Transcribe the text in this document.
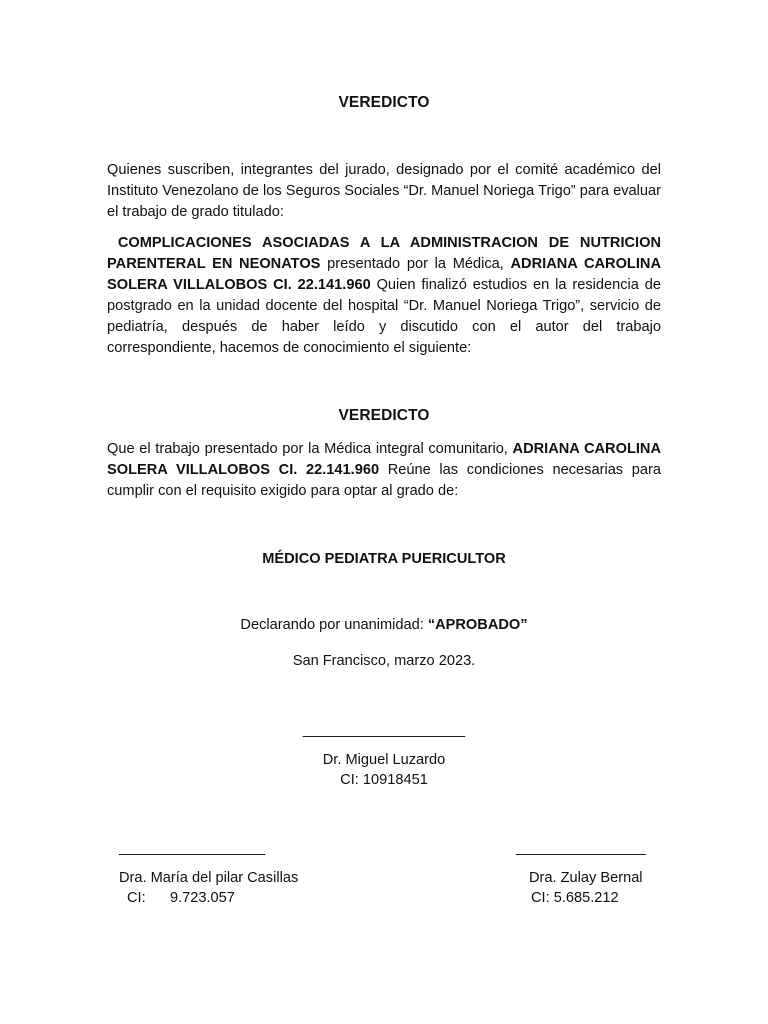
VEREDICTO

Quienes suscriben, integrantes del jurado, designado por el comité académico del Instituto Venezolano de los Seguros Sociales “Dr. Manuel Noriega Trigo” para evaluar el trabajo de grado titulado:

COMPLICACIONES ASOCIADAS A LA ADMINISTRACION DE NUTRICION PARENTERAL EN NEONATOS presentado por la Médica, ADRIANA CAROLINA SOLERA VILLALOBOS CI. 22.141.960 Quien finalizó estudios en la residencia de postgrado en la unidad docente del hospital “Dr. Manuel Noriega Trigo”, servicio de pediatría, después de haber leído y discutido con el autor del trabajo correspondiente, hacemos de conocimiento el siguiente:

VEREDICTO

Que el trabajo presentado por la Médica integral comunitario, ADRIANA CAROLINA SOLERA VILLALOBOS CI. 22.141.960 Reúne las condiciones necesarias para cumplir con el requisito exigido para optar al grado de:

MÉDICO PEDIATRA PUERICULTOR
Declarando por unanimidad: “APROBADO”
San Francisco, marzo 2023.
____________________
Dr. Miguel Luzardo
CI: 10918451
__________________
Dra. María del pilar Casillas
CI:      9.723.057
________________
Dra. Zulay Bernal
CI: 5.685.212
